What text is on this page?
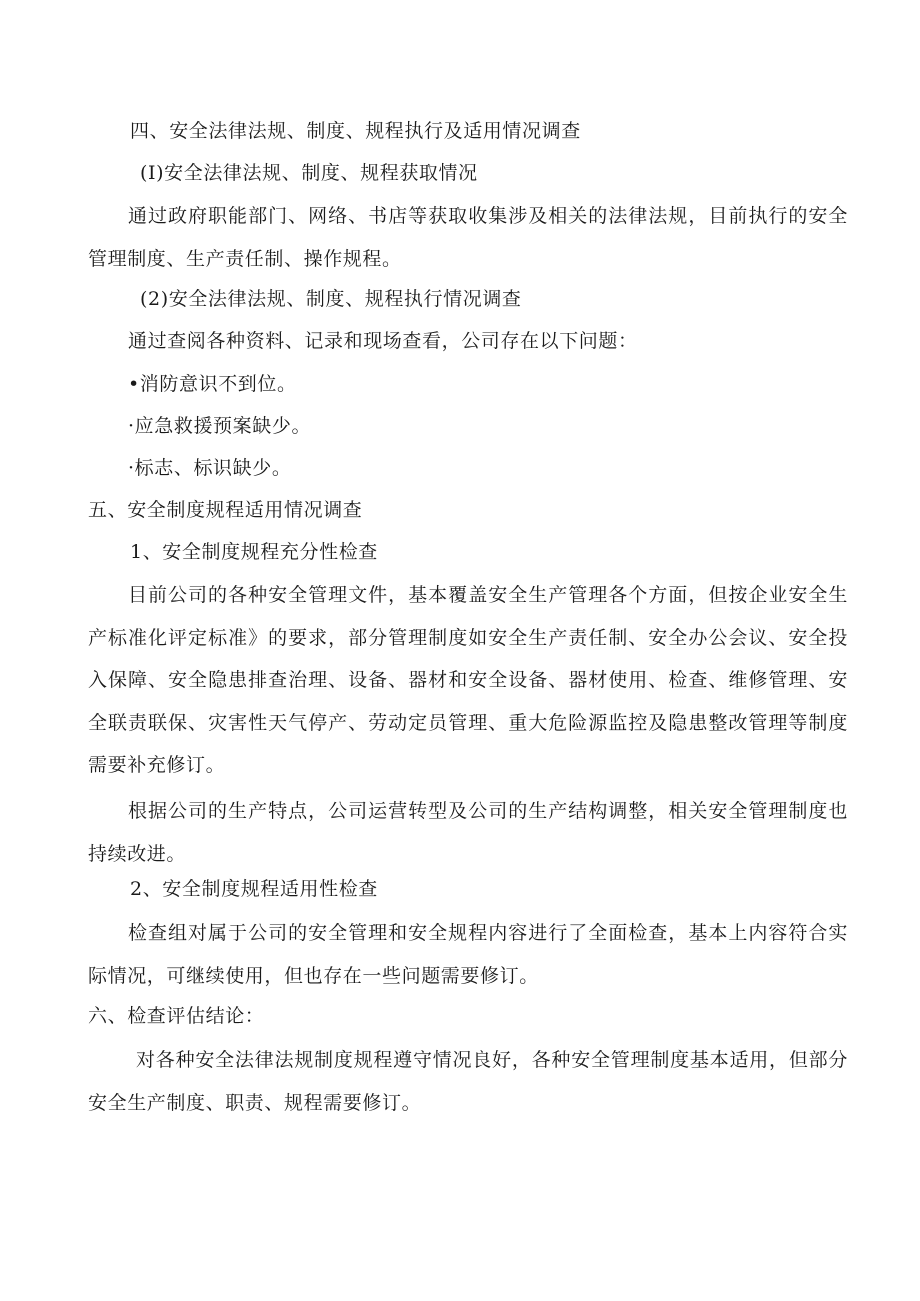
四、安全法律法规、制度、规程执行及适用情况调查
(I)安全法律法规、制度、规程获取情况
通过政府职能部门、网络、书店等获取收集涉及相关的法律法规，目前执行的安全管理制度、生产责任制、操作规程。
(2)安全法律法规、制度、规程执行情况调查
通过查阅各种资料、记录和现场查看，公司存在以下问题：
•消防意识不到位。
·应急救援预案缺少。
·标志、标识缺少。
五、安全制度规程适用情况调查
1、安全制度规程充分性检查
目前公司的各种安全管理文件，基本覆盖安全生产管理各个方面，但按企业安全生产标准化评定标准》的要求，部分管理制度如安全生产责任制、安全办公会议、安全投入保障、安全隐患排查治理、设备、器材和安全设备、器材使用、检查、维修管理、安全联责联保、灾害性天气停产、劳动定员管理、重大危险源监控及隐患整改管理等制度需要补充修订。
根据公司的生产特点，公司运营转型及公司的生产结构调整，相关安全管理制度也持续改进。
2、安全制度规程适用性检查
检查组对属于公司的安全管理和安全规程内容进行了全面检查，基本上内容符合实际情况，可继续使用，但也存在一些问题需要修订。
六、检查评估结论：
对各种安全法律法规制度规程遵守情况良好，各种安全管理制度基本适用，但部分安全生产制度、职责、规程需要修订。
